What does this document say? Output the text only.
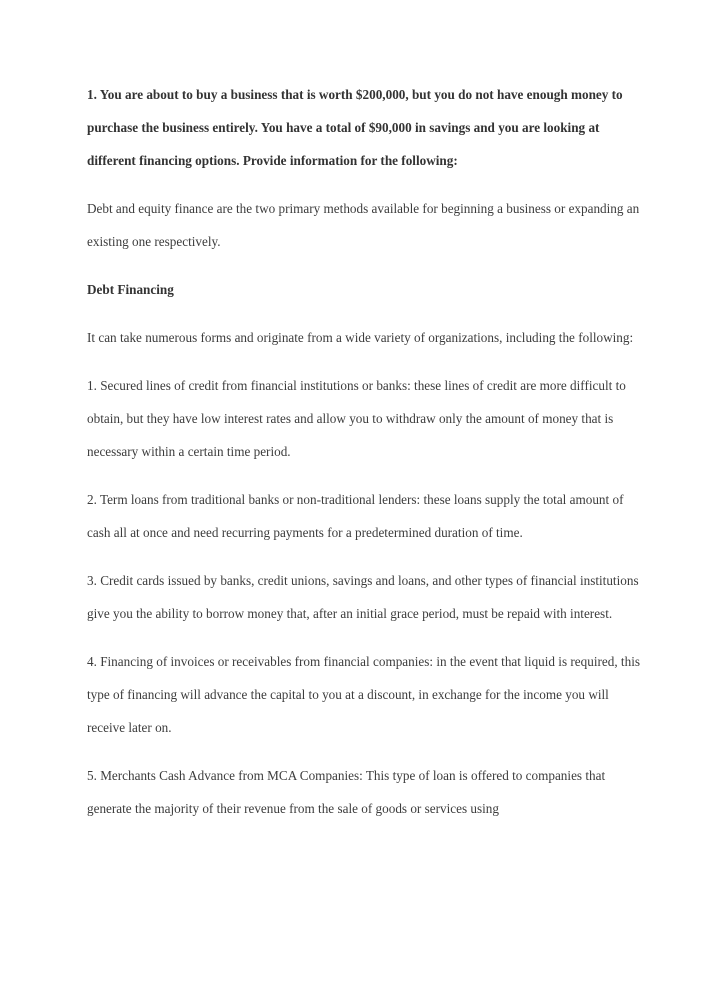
1. You are about to buy a business that is worth $200,000, but you do not have enough money to purchase the business entirely. You have a total of $90,000 in savings and you are looking at different financing options. Provide information for the following:

Debt and equity finance are the two primary methods available for beginning a business or expanding an existing one respectively.

Debt Financing

It can take numerous forms and originate from a wide variety of organizations, including the following:

1. Secured lines of credit from financial institutions or banks: these lines of credit are more difficult to obtain, but they have low interest rates and allow you to withdraw only the amount of money that is necessary within a certain time period.

2. Term loans from traditional banks or non-traditional lenders: these loans supply the total amount of cash all at once and need recurring payments for a predetermined duration of time.

3. Credit cards issued by banks, credit unions, savings and loans, and other types of financial institutions give you the ability to borrow money that, after an initial grace period, must be repaid with interest.

4. Financing of invoices or receivables from financial companies: in the event that liquid is required, this type of financing will advance the capital to you at a discount, in exchange for the income you will receive later on.

5. Merchants Cash Advance from MCA Companies: This type of loan is offered to companies that generate the majority of their revenue from the sale of goods or services using
